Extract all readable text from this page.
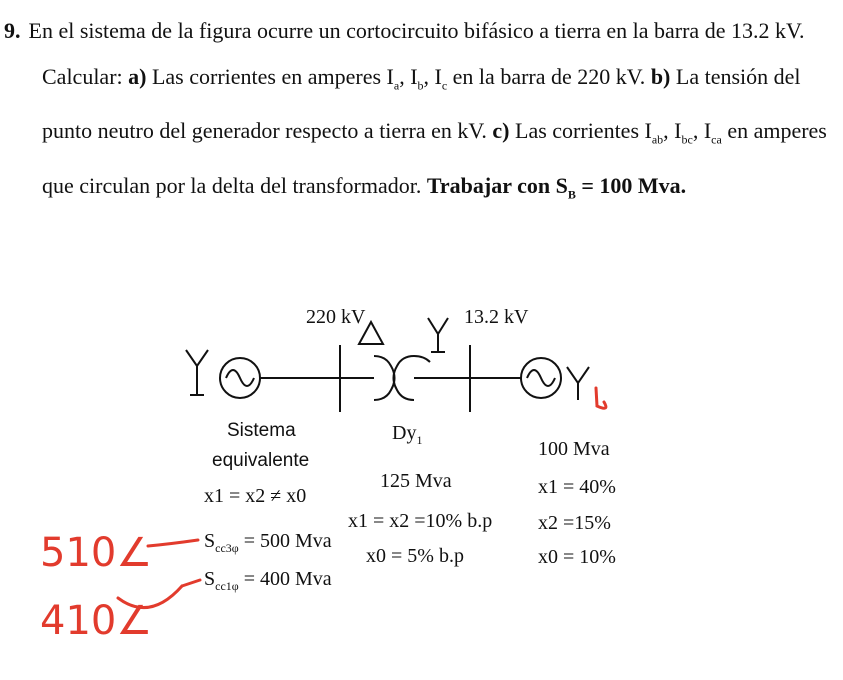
9. En el sistema de la figura ocurre un cortocircuito bifásico a tierra en la barra de 13.2 kV.
Calcular: a) Las corrientes en amperes $I_a$, $I_b$, $I_c$ en la barra de 220 kV. b) La tensión del
punto neutro del generador respecto a tierra en kV. c) Las corrientes $I_{ab}$, $I_{bc}$, $I_{ca}$ en amperes
que circulan por la delta del transformador. Trabajar con $S_B = 100$ Mva.
220 kV	13.2 kV
Sistema
equivalente
x1 = x2 ≠ x0
$S_{cc3\varphi} = 500$ Mva
$S_{cc1\varphi} = 400$ Mva
$Dy_1$
125 Mva
x1 = x2 =10% b.p
x0 = 5% b.p
100 Mva
x1 = 40%
x2 =15%
x0 = 10%
510∠
410∠
